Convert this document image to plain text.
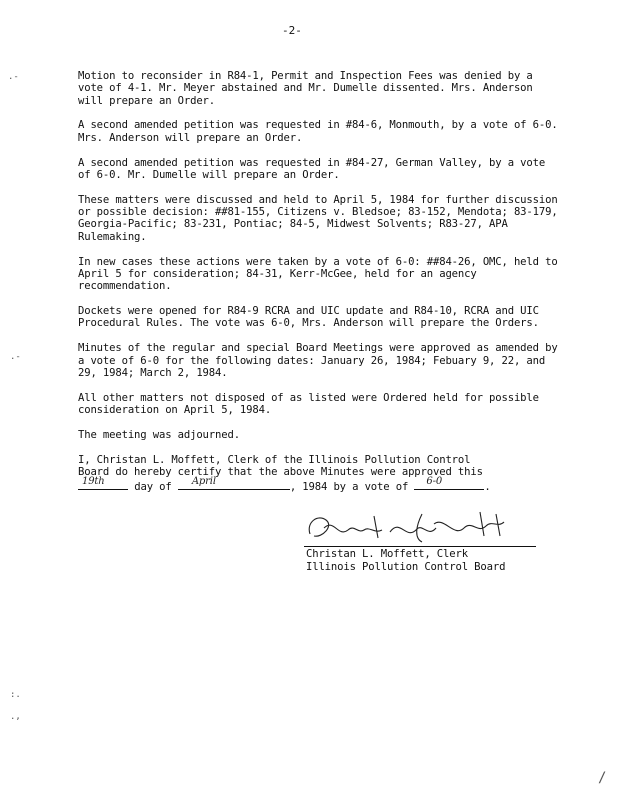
-2-

Motion to reconsider in R84-1, Permit and Inspection Fees was denied by a vote of 4-1. Mr. Meyer abstained and Mr. Dumelle dissented. Mrs. Anderson will prepare an Order.

A second amended petition was requested in #84-6, Monmouth, by a vote of 6-0. Mrs. Anderson will prepare an Order.

A second amended petition was requested in #84-27, German Valley, by a vote of 6-0. Mr. Dumelle will prepare an Order.

These matters were discussed and held to April 5, 1984 for further discussion or possible decision: ##81-155, Citizens v. Bledsoe; 83-152, Mendota; 83-179, Georgia-Pacific; 83-231, Pontiac; 84-5, Midwest Solvents; R83-27, APA Rulemaking.

In new cases these actions were taken by a vote of 6-0: ##84-26, OMC, held to April 5 for consideration; 84-31, Kerr-McGee, held for an agency recommendation.

Dockets were opened for R84-9 RCRA and UIC update and R84-10, RCRA and UIC Procedural Rules. The vote was 6-0, Mrs. Anderson will prepare the Orders.

Minutes of the regular and special Board Meetings were approved as amended by a vote of 6-0 for the following dates: January 26, 1984; Febuary 9, 22, and 29, 1984; March 2, 1984.

All other matters not disposed of as listed were Ordered held for possible consideration on April 5, 1984.

The meeting was adjourned.

I, Christan L. Moffett, Clerk of the Illinois Pollution Control

Board do hereby certify that the above Minutes were approved this

19th	day of April	, 1984 by a vote of 6-0	.

Christan L. Moffett, Clerk
Illinois Pollution Control Board
.-
.-
:.
.,
/
